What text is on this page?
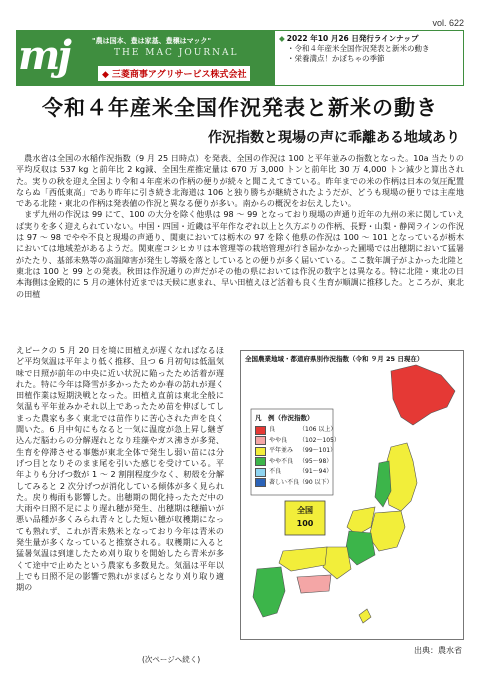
vol. 622
mj	"農は国本、豊は家基、豊穣はマック"
THE MAC JOURNAL
◆ 三菱商事アグリサービス株式会社
◆ 2022 年10 月26 日発行ラインナップ
・令和４年産米全国作況発表と新米の動き
・栄養満点！かぼちゃの季節
令和４年産米全国作況発表と新米の動き
作況指数と現場の声に乖離ある地域あり

農水省は全国の水稲作況指数（9 月 25 日時点）を発表、全国の作況は 100 と平年並みの指数となった。10a 当たりの平均反収は 537 kg と前年比 2 kg減、全国生産推定量は 670 万 3,000 トンと前年比 30 万 4,000 トン減少と算出された。実りの秋を迎え全国より令和４年産米の作柄の便りが続々と聞こえてきている。昨年までの米の作柄は日本の気圧配置ならぬ「西低東高」であり昨年に引き続き北海道は 106 と独り勝ちが継続されたようだが、どうも現場の便りでは主産地である北陸・東北の作柄は発表値の作況と異なる便りが多い。南からの概況をお伝えしたい。

まず九州の作況は 99 にて、100 の大分を除く他県は 98 ～ 99 となっており現場の声通り近年の九州の米に関していえば実りを多く迎えられていない。中国・四国・近畿は平年作なぞれ以上と久方ぶりの作柄、長野・山梨・静岡ラインの作況は 97 ～ 98 でやや不良と現場の声通り、関東においては栃木の 97 を除く他県の作況は 100 ～ 101 となっているが栃木においては地域差があるようだ。関東産コシヒカリは本管理等の栽培管理が行き届かなかった圃場では出穂期において猛暑がたたり、基部未熟等の高温障害が発生し等級を落としているとの便りが多く届いている。ここ数年調子がよかった北陸と東北は 100 と 99 との発表。秋田は作況通りの声だがその他の県においては作況の数字とは異なる。特に北陸・東北の日本海側は金殿的に 5 月の連休付近までは天候に恵まれ、早い田植えほど活着も良く生育が順調に推移した。ところが、東北の田植

えピークの 5 月 20 日を境に田植えが遅くなればなるほど平均気温は平年より低く推移、且つ 6 月初旬は低温気味で日照が前年の中央に近い状況に陥ったため活着が遅れた。特に今年は降雪が多かったためか春の訪れが遅く田植作業は短期決戦となった。田植え直前は東北全般に気温も平年並みかそれ以上であったため苗を伸ばしてしまった農家も多く東北では苗作りに苦心された声を良く聞いた。6 月中旬にもなると一気に温度が急上昇し継ぎ込んだ脳わらの分解遅れとなり珪藻やガス沸きが多発、生育を停滞させる事態が東北全体で発生し弱い苗には分げつ目となりそのまま尾を引いた感じを受けている。平年よりも分げつ数が 1 ～ 2 割削程度少なく、籾殻を分解してみると 2 次分げつが消化している傾体が多く見られた。戻り梅雨も影響した。出穂期の開化持ったただ中の大雨や日照不足により遅れ穂が発生、出穂期は穂揃いが悪い品種が多くみられ青々とした短い穂が収穫期になっても熟れず、これが青未熟米となっており今年は青米の発生量が多くなっていると推察される。収穫期に入ると猛暑気温は到達したため刈り取りを開始したら青米が多くて途中で止めたという農家も多数見た。気温は平年以上でも日照不足の影響で熟れがまばらとなり刈り取り適期の

(次ページへ続く)
全国農業地域・都道府県別作況指数（令和 ９月 25 日現在）
凡　例（作況指数）
良	（106 以上）
やや良	（102～105）
平年並み （99～101）
やや不良 （95～98）
不良	（91～94）
著しい不良 （90 以下）
全国
100
出典：農水省
